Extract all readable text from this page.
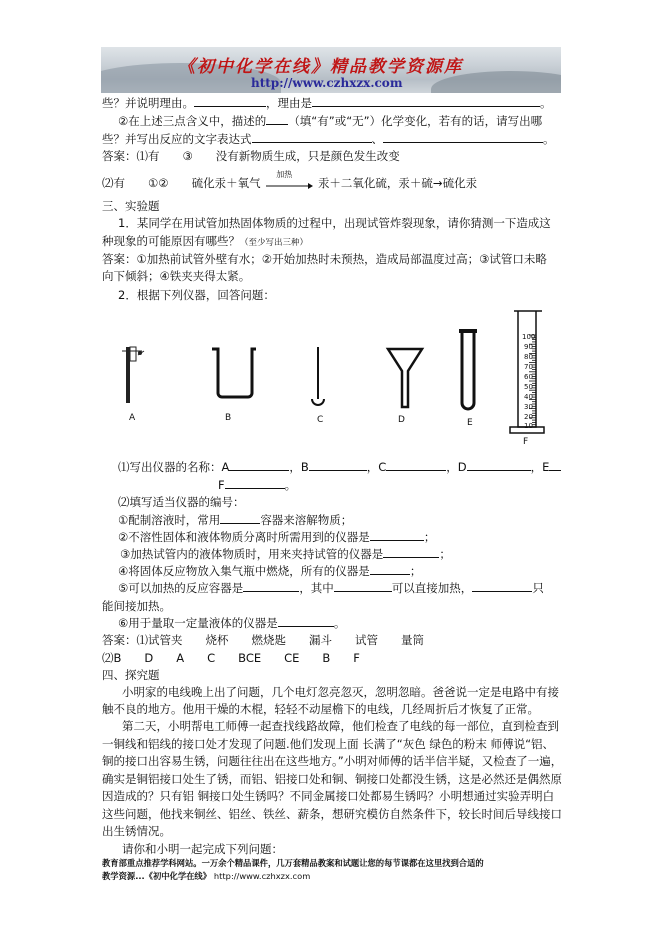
《初中化学在线》精品教学资源库
http://www.czhxzx.com
些？并说明理由。	，理由是	。
②在上述三点含义中，描述的 （填“有”或“无”）化学变化，若有的话，请写出哪
些？并写出反应的文字表达式	、	。
答案：⑴有　　③　　没有新物质生成，只是颜色发生改变
⑵有　　①②　　硫化汞＋氧气
加热
汞＋二氧化硫，汞＋硫→硫化汞
三、实验题
1．某同学在用试管加热固体物质的过程中，出现试管炸裂现象，请你猜测一下造成这
种现象的可能原因有哪些？（至少写出三种）
答案：①加热前试管外壁有水；②开始加热时未预热，造成局部温度过高；③试管口未略
向下倾斜；④铁夹夹得太紧。
2．根据下列仪器，回答问题：
A	B	C	D	E
F
100
90
80
70
60
50
40
30
20
10
⑴写出仪器的名称：A	，B	，C	，D	，E
F	。
⑵填写适当仪器的编号：
①配制溶液时，常用	容器来溶解物质；
②不溶性固体和液体物质分离时所需用到的仪器是	；
③加热试管内的液体物质时，用来夹持试管的仪器是	；
④将固体反应物放入集气瓶中燃烧，所有的仪器是	；
⑤可以加热的反应容器是	，其中	可以直接加热，	只
能间接加热。
⑥用于量取一定量液体的仪器是	。
答案：⑴试管夹　　烧杯　　燃烧匙　　漏斗　　试管　　量筒
⑵B　　D　　A　　C　　BCE　　CE　　B　　F
四、探究题
小明家的电线晚上出了问题，几个电灯忽亮忽灭，忽明忽暗。爸爸说一定是电路中有接
触不良的地方。他用干燥的木棍，轻轻不动屋檐下的电线，几经周折后才恢复了正常。
第二天，小明帮电工师傅一起查找线路故障，他们检查了电线的每一部位，直到检查到
一铜线和铝线的接口处才发现了问题.他们发现上面 长满了“灰色 绿色的粉末 师傅说“铝、
铜的接口出容易生锈，问题往往出在这些地方。”小明对师傅的话半信半疑，又检查了一遍，
确实是铜铝接口处生了锈，而铝、铝接口处和铜、铜接口处都没生锈，这是必然还是偶然原
因造成的？只有铝 铜接口处生锈吗？不同金属接口处都易生锈吗？小明想通过实验弄明白
这些问题，他找来铜丝、铝丝、铁丝、薪条，想研究模仿自然条件下，较长时间后导线接口
出生锈情况。
请你和小明一起完成下列问题：
教育部重点推荐学科网站。一万余个精品课件，几万套精品教案和试题让您的每节课都在这里找到合适的
教学资源...《初中化学在线》 http://www.czhxzx.com
